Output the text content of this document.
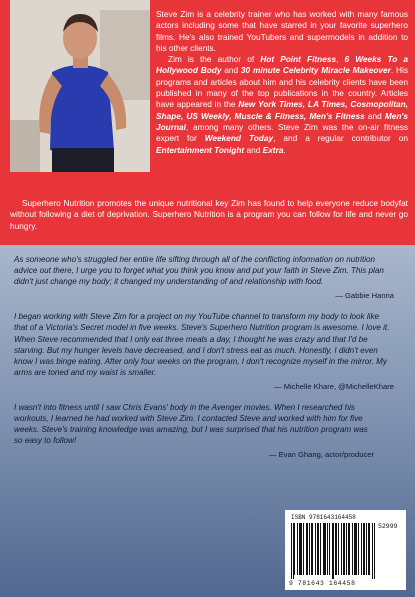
Steve Zim is a celebrity trainer who has worked with many famous actors including some that have starred in your favorite superhero films. He's also trained YouTubers and supermodels in addition to his other clients.

Zim is the author of Hot Point Fitness, 6 Weeks To a Hollywood Body and 30 minute Celebrity Miracle Makeover. His programs and articles about him and his celebrity clients have been published in many of the top publications in the country. Articles have appeared in the New York Times, LA Times, Cosmopolitan, Shape, US Weekly, Muscle & Fitness, Men's Fitness and Men's Journal, among many others. Steve Zim was the on-air fitness expert for Weekend Today, and a regular contributor on Entertainment Tonight and Extra.

Superhero Nutrition promotes the unique nutritional key Zim has found to help everyone reduce bodyfat without following a diet of deprivation. Superhero Nutrition is a program you can follow for life and never go hungry.

As someone who's struggled her entire life sifting through all of the conflicting information on nutrition advice out there, I urge you to forget what you think you know and put your faith in Steve Zim. This plan didn't just change my body; it changed my understanding of and relationship with food.

— Gabbie Hanna

I began working with Steve Zim for a project on my YouTube channel to transform my body to look like that of a Victoria's Secret model in five weeks. Steve's Superhero Nutrition program is awesome. I love it. When Steve recommended that I only eat three meals a day, I thought he was crazy and that I'd be starving. But my hunger levels have decreased, and I don't stress eat as much. Honestly, I didn't even know I was binge eating. After only four weeks on the program, I don't recognize myself in the mirror. My arms are toned and my waist is smaller.

— Michelle Khare, @MichelleKhare

I wasn't into fitness until I saw Chris Evans' body in the Avenger movies. When I researched his workouts, I learned he had worked with Steve Zim. I contacted Steve and worked with him for five weeks. Steve's training knowledge was amazing, but I was surprised that his nutrition program was so easy to follow!

— Evan Ghang, actor/producer
ISBN 9781643164458
52999
9 781643 164458
